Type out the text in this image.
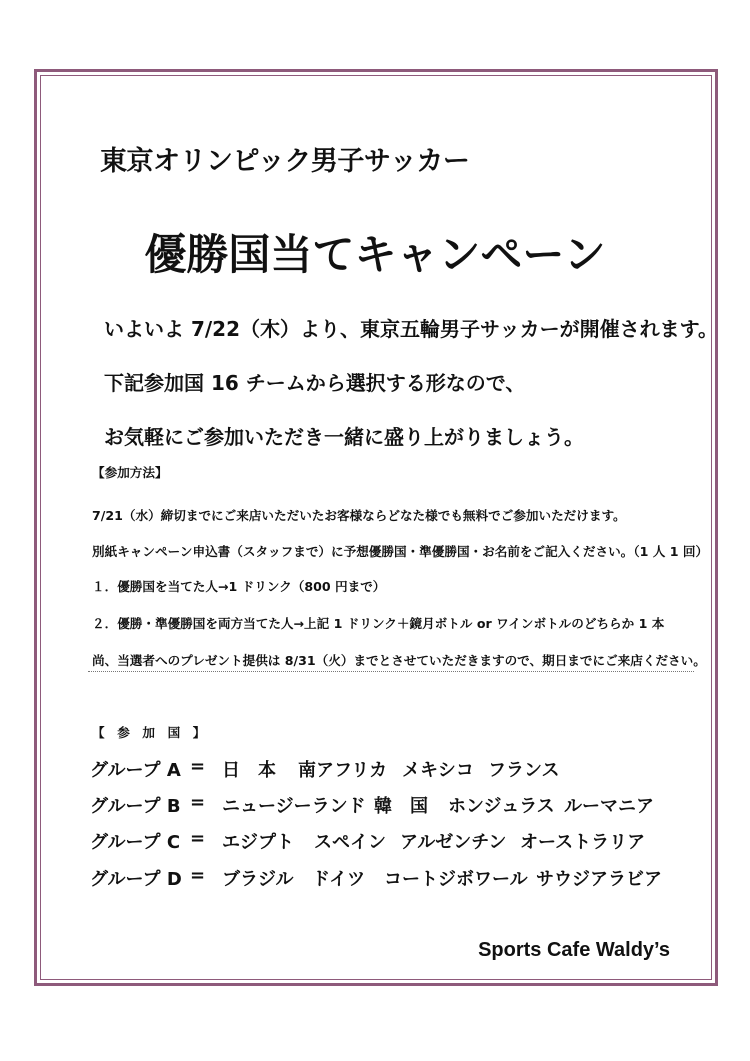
東京オリンピック男子サッカー
優勝国当てキャンペーン
いよいよ 7/22（木）より、東京五輪男子サッカーが開催されます。
下記参加国 16 チームから選択する形なので、
お気軽にご参加いただき一緒に盛り上がりましょう。
【参加方法】
7/21（水）締切までにご来店いただいたお客様ならどなた様でも無料でご参加いただけます。
別紙キャンペーン申込書（スタッフまで）に予想優勝国・準優勝国・お名前をご記入ください。（1 人 1 回）
１．優勝国を当てた人→1 ドリンク（800 円まで）
２．優勝・準優勝国を両方当てた人→上記 1 ドリンク＋鏡月ボトル or ワインボトルのどちらか 1 本
尚、当選者へのプレゼント提供は 8/31（火）までとさせていただきますので、期日までにご来店ください。
【　参　加　国　】
グループ A = 日　本 南アフリカ メキシコ フランス
グループ B = ニュージーランド 韓　国 ホンジュラス ルーマニア
グループ C = エジプト スペイン アルゼンチン オーストラリア
グループ D = ブラジル ドイツ コートジボワール サウジアラビア
Sports Cafe Waldy’s
